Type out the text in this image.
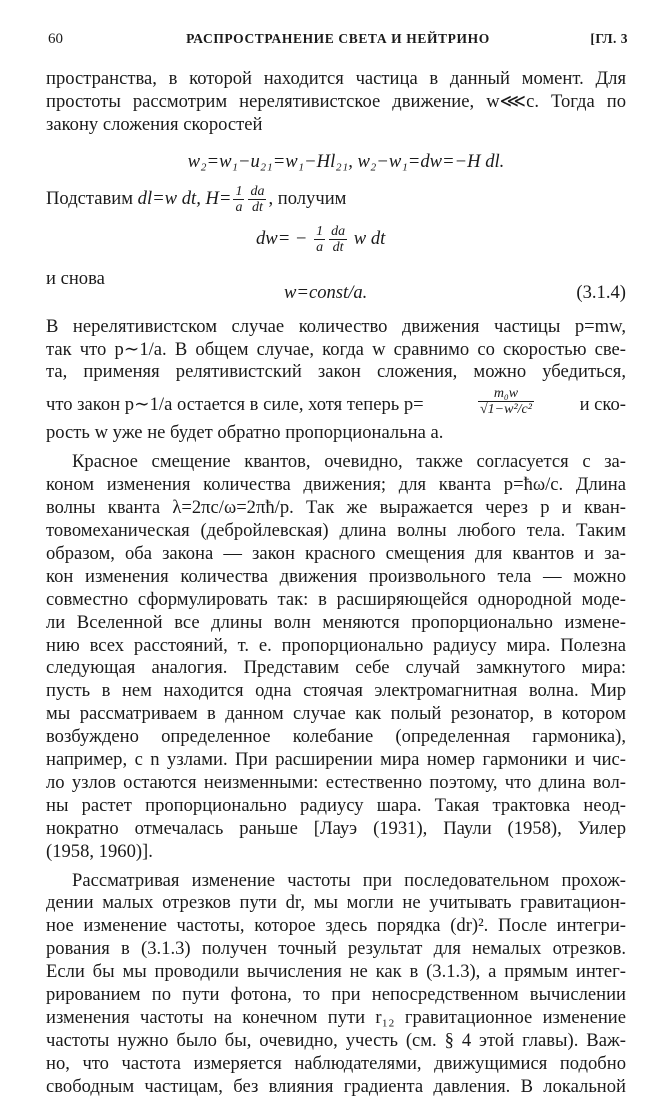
60	РАСПРОСТРАНЕНИЕ СВЕТА И НЕЙТРИНО	[ГЛ. 3
пространства, в которой находится частица в данный момент. Для
простоты рассмотрим нерелятивистское движение, w⋘c. Тогда по
закону сложения скоростей
w₂=w₁−u₂₁=w₁−Hl₂₁, w₂−w₁=dw=−H dl.
Подставим dl=w dt, $H= \frac{1}{a} \frac{da}{dt}$ , получим
$dw= - \frac{1}{a} \frac{da}{dt}$ w dt
и снова
w=const/a.	(3.1.4)
В нерелятивистском случае количество движения частицы p=mw,
так что p∼1/a. В общем случае, когда w сравнимо со скоростью све-
та, применяя релятивистский закон сложения, можно убедиться,
что закон p∼1/a остается в силе, хотя теперь p=	$\frac{\text{m₀w}}{\text{√1−w²/c²}}$ и ско-
рость w уже не будет обратно пропорциональна a.
Красное смещение квантов, очевидно, также согласуется с за-
коном изменения количества движения; для кванта p=ħω/c. Длина
волны кванта λ=2πc/ω=2πħ/p. Так же выражается через p и кван-
товомеханическая (дебройлевская) длина волны любого тела. Таким
образом, оба закона — закон красного смещения для квантов и за-
кон изменения количества движения произвольного тела — можно
совместно сформулировать так: в расширяющейся однородной моде-
ли Вселенной все длины волн меняются пропорционально измене-
нию всех расстояний, т. е. пропорционально радиусу мира. Полезна
следующая аналогия. Представим себе случай замкнутого мира:
пусть в нем находится одна стоячая электромагнитная волна. Мир
мы рассматриваем в данном случае как полый резонатор, в котором
возбуждено определенное колебание (определенная гармоника),
например, с n узлами. При расширении мира номер гармоники и чис-
ло узлов остаются неизменными: естественно поэтому, что длина вол-
ны растет пропорционально радиусу шара. Такая трактовка неод-
нократно отмечалась раньше [Лауэ (1931), Паули (1958), Уилер
(1958, 1960)].
Рассматривая изменение частоты при последовательном прохож-
дении малых отрезков пути dr, мы могли не учитывать гравитацион-
ное изменение частоты, которое здесь порядка (dr)². После интегри-
рования в (3.1.3) получен точный результат для немалых отрезков.
Если бы мы проводили вычисления не как в (3.1.3), а прямым интег-
рированием по пути фотона, то при непосредственном вычислении
изменения частоты на конечном пути r₁₂ гравитационное изменение
частоты нужно было бы, очевидно, учесть (см. § 4 этой главы). Важ-
но, что частота измеряется наблюдателями, движущимися подобно
свободным частицам, без влияния градиента давления. В локальной
